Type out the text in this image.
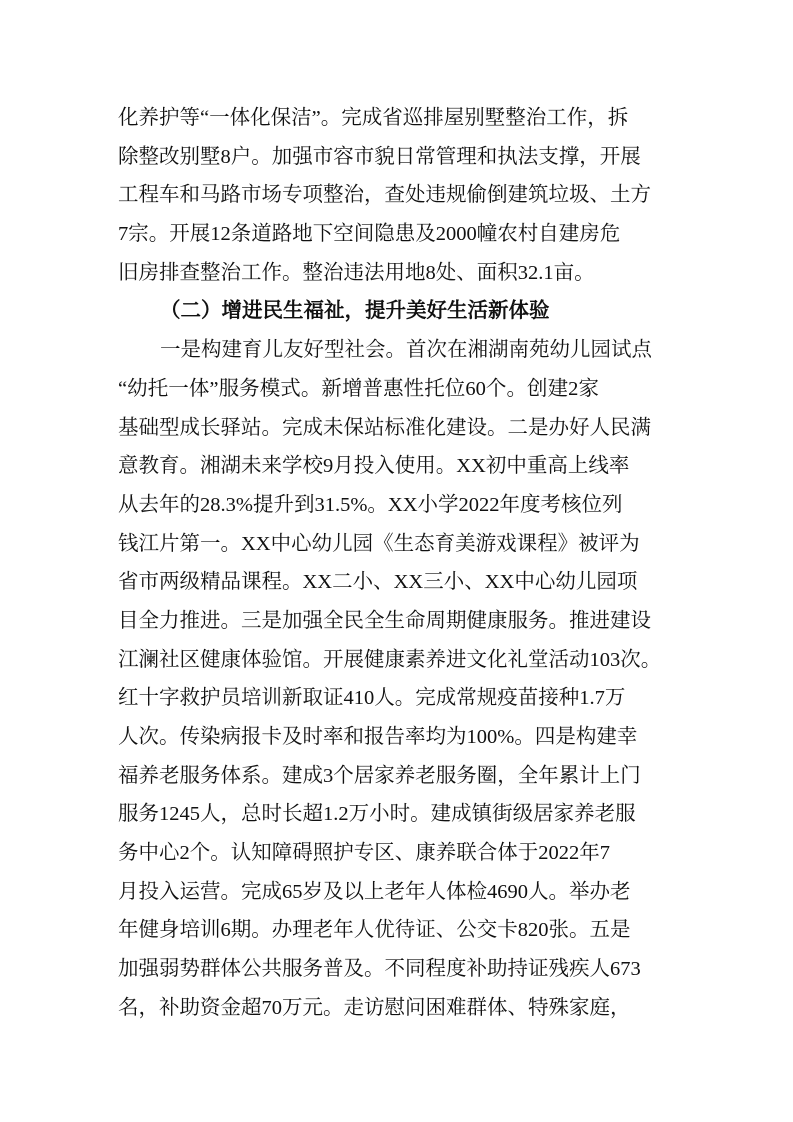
化养护等“一体化保洁”。完成省巡排屋别墅整治工作，拆
除整改别墅8户。加强市容市貌日常管理和执法支撑，开展
工程车和马路市场专项整治，查处违规偷倒建筑垃圾、土方
7宗。开展12条道路地下空间隐患及2000幢农村自建房危
旧房排查整治工作。整治违法用地8处、面积32.1亩。
（二）增进民生福祉，提升美好生活新体验
一是构建育儿友好型社会。首次在湘湖南苑幼儿园试点
“幼托一体”服务模式。新增普惠性托位60个。创建2家
基础型成长驿站。完成未保站标准化建设。二是办好人民满
意教育。湘湖未来学校9月投入使用。XX初中重高上线率
从去年的28.3%提升到31.5%。XX小学2022年度考核位列
钱江片第一。XX中心幼儿园《生态育美游戏课程》被评为
省市两级精品课程。XX二小、XX三小、XX中心幼儿园项
目全力推进。三是加强全民全生命周期健康服务。推进建设
江澜社区健康体验馆。开展健康素养进文化礼堂活动103次。
红十字救护员培训新取证410人。完成常规疫苗接种1.7万
人次。传染病报卡及时率和报告率均为100%。四是构建幸
福养老服务体系。建成3个居家养老服务圈，全年累计上门
服务1245人，总时长超1.2万小时。建成镇街级居家养老服
务中心2个。认知障碍照护专区、康养联合体于2022年7
月投入运营。完成65岁及以上老年人体检4690人。举办老
年健身培训6期。办理老年人优待证、公交卡820张。五是
加强弱势群体公共服务普及。不同程度补助持证残疾人673
名，补助资金超70万元。走访慰问困难群体、特殊家庭，
